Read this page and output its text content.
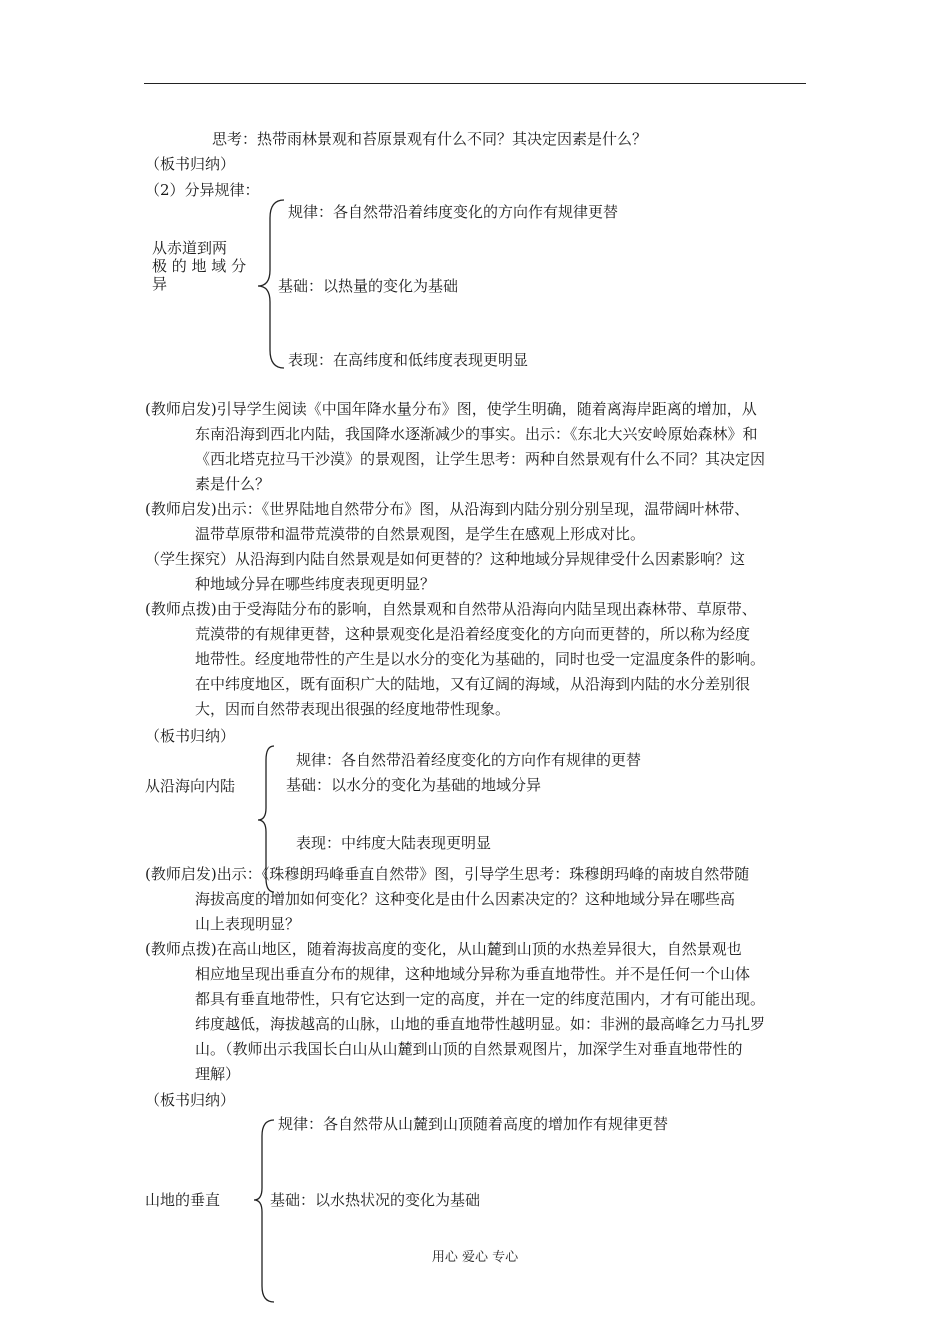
思考：热带雨林景观和苔原景观有什么不同？其决定因素是什么？
（板书归纳）
（2）分异规律：
从赤道到两
极 的 地 域 分
异
规律：各自然带沿着纬度变化的方向作有规律更替
基础：以热量的变化为基础
表现：在高纬度和低纬度表现更明显
(教师启发)引导学生阅读《中国年降水量分布》图，使学生明确，随着离海岸距离的增加，从
东南沿海到西北内陆，我国降水逐渐减少的事实。出示：《东北大兴安岭原始森林》和
《西北塔克拉马干沙漠》的景观图，让学生思考：两种自然景观有什么不同？其决定因
素是什么？
(教师启发)出示：《世界陆地自然带分布》图，从沿海到内陆分别分别呈现，温带阔叶林带、
温带草原带和温带荒漠带的自然景观图，是学生在感观上形成对比。
（学生探究）从沿海到内陆自然景观是如何更替的？这种地域分异规律受什么因素影响？这
种地域分异在哪些纬度表现更明显？
(教师点拨)由于受海陆分布的影响，自然景观和自然带从沿海向内陆呈现出森林带、草原带、
荒漠带的有规律更替，这种景观变化是沿着经度变化的方向而更替的，所以称为经度
地带性。经度地带性的产生是以水分的变化为基础的，同时也受一定温度条件的影响。
在中纬度地区，既有面积广大的陆地，又有辽阔的海域，从沿海到内陆的水分差别很
大，因而自然带表现出很强的经度地带性现象。
（板书归纳）
从沿海向内陆
规律：各自然带沿着经度变化的方向作有规律的更替
基础：以水分的变化为基础的地域分异
表现：中纬度大陆表现更明显
(教师启发)出示：《珠穆朗玛峰垂直自然带》图，引导学生思考：珠穆朗玛峰的南坡自然带随
海拔高度的增加如何变化？这种变化是由什么因素决定的？这种地域分异在哪些高
山上表现明显？
(教师点拨)在高山地区，随着海拔高度的变化，从山麓到山顶的水热差异很大，自然景观也
相应地呈现出垂直分布的规律，这种地域分异称为垂直地带性。并不是任何一个山体
都具有垂直地带性，只有它达到一定的高度，并在一定的纬度范围内，才有可能出现。
纬度越低，海拔越高的山脉，山地的垂直地带性越明显。如：非洲的最高峰乞力马扎罗
山。（教师出示我国长白山从山麓到山顶的自然景观图片，加深学生对垂直地带性的
理解）
（板书归纳）
山地的垂直
规律：各自然带从山麓到山顶随着高度的增加作有规律更替
基础：以水热状况的变化为基础
用心 爱心 专心
